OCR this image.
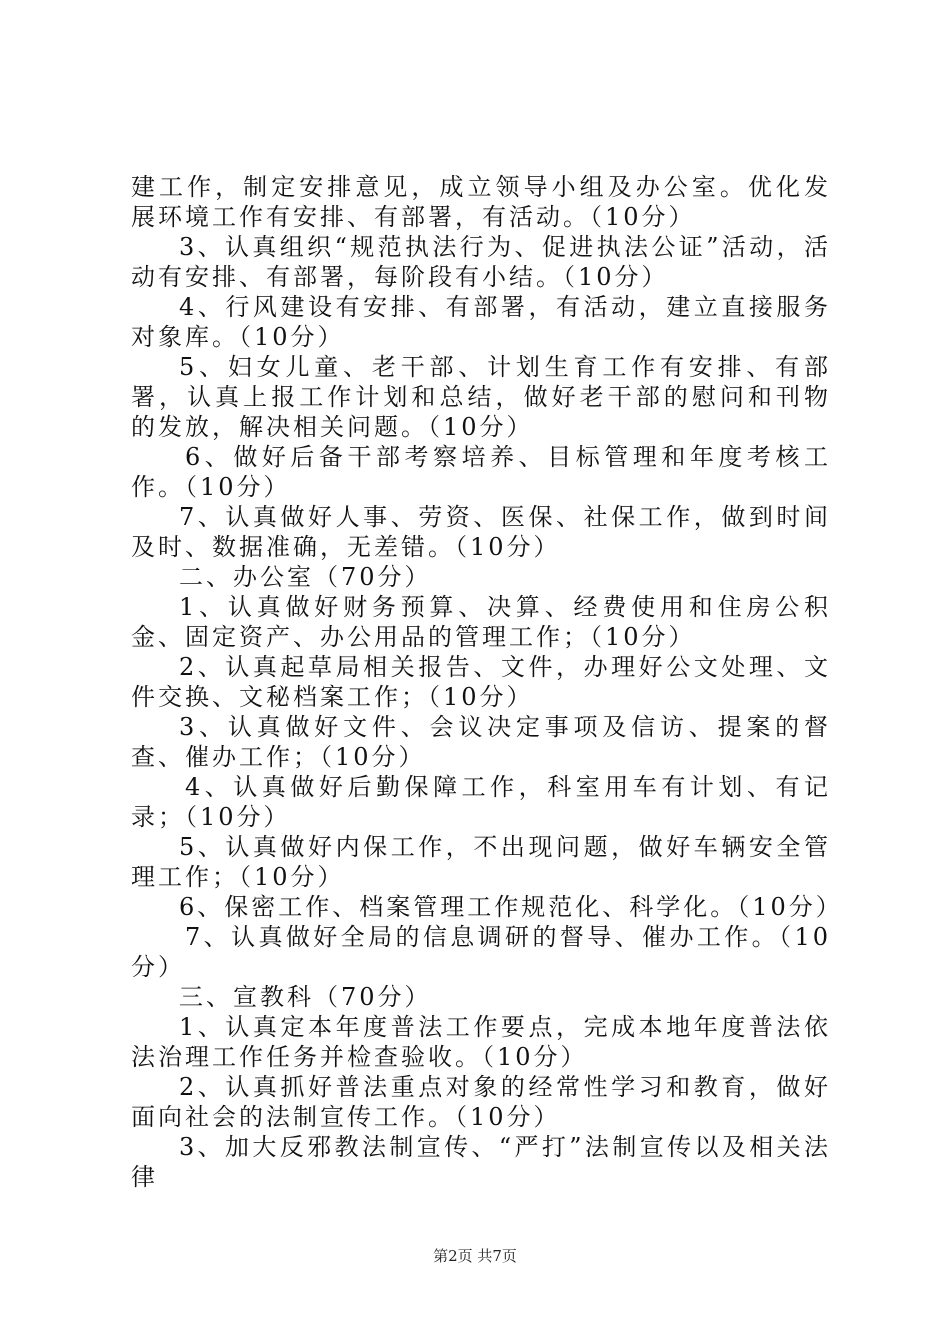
建工作，制定安排意见，成立领导小组及办公室。优化发展环境工作有安排、有部署，有活动。（10分）

3、认真组织“规范执法行为、促进执法公证”活动，活动有安排、有部署，每阶段有小结。（10分）

4、行风建设有安排、有部署，有活动，建立直接服务对象库。（10分）

5、妇女儿童、老干部、计划生育工作有安排、有部署，认真上报工作计划和总结，做好老干部的慰问和刊物的发放，解决相关问题。（10分）

6、做好后备干部考察培养、目标管理和年度考核工作。（10分）

7、认真做好人事、劳资、医保、社保工作，做到时间及时、数据准确，无差错。（10分）

二、办公室（70分）

1、认真做好财务预算、决算、经费使用和住房公积金、固定资产、办公用品的管理工作；（10分）

2、认真起草局相关报告、文件，办理好公文处理、文件交换、文秘档案工作；（10分）

3、认真做好文件、会议决定事项及信访、提案的督查、催办工作；（10分）

4、认真做好后勤保障工作，科室用车有计划、有记录；（10分）

5、认真做好内保工作，不出现问题，做好车辆安全管理工作；（10分）

6、保密工作、档案管理工作规范化、科学化。（10分）

7、认真做好全局的信息调研的督导、催办工作。（10分）

三、宣教科（70分）

1、认真定本年度普法工作要点，完成本地年度普法依法治理工作任务并检查验收。（10分）

2、认真抓好普法重点对象的经常性学习和教育，做好面向社会的法制宣传工作。（10分）

3、加大反邪教法制宣传、“严打”法制宣传以及相关法律

第2页 共7页
